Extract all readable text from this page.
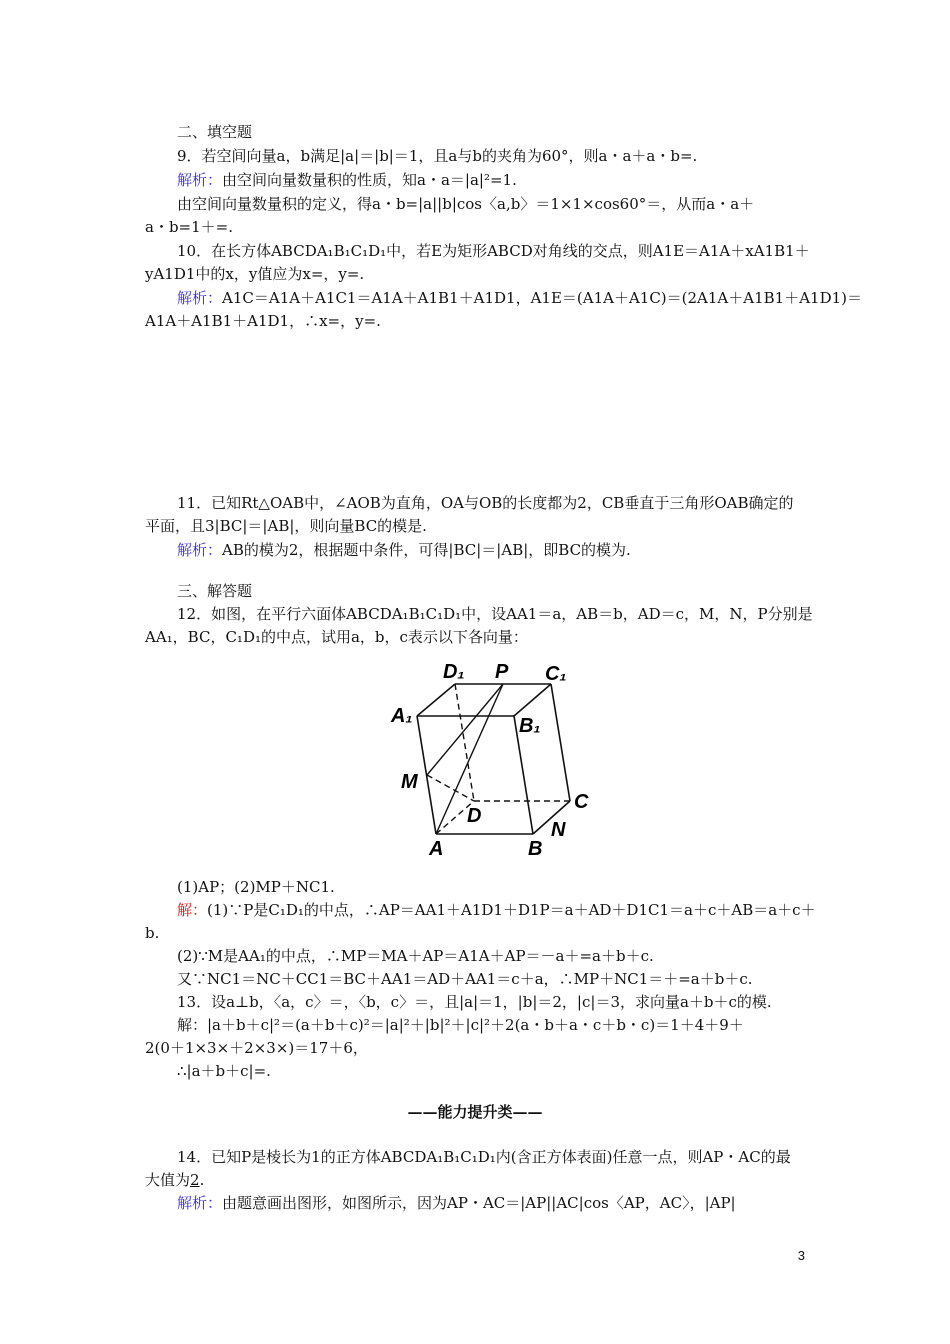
二、填空题
9．若空间向量a，b满足|a|＝|b|＝1，且a与b的夹角为60°，则a・a＋a・b=.
解析：由空间向量数量积的性质，知a・a＝|a|²=1.
由空间向量数量积的定义，得a・b=|a||b|cos〈a,b〉＝1×1×cos60°＝，从而a・a＋
a・b=1＋=.
10．在长方体ABCDA₁B₁C₁D₁中，若E为矩形ABCD对角线的交点，则A1E＝A1A＋xA1B1＋
yA1D1中的x，y值应为x=，y=.
解析：A1C＝A1A＋A1C1＝A1A＋A1B1＋A1D1，A1E＝(A1A＋A1C)＝(2A1A＋A1B1＋A1D1)＝
A1A＋A1B1＋A1D1，∴x=，y=.
11．已知Rt△OAB中，∠AOB为直角，OA与OB的长度都为2，CB垂直于三角形OAB确定的
平面，且3|BC|＝|AB|，则向量BC的模是.
解析：AB的模为2，根据题中条件，可得|BC|＝|AB|，即BC的模为.
三、解答题
12．如图，在平行六面体ABCDA₁B₁C₁D₁中，设AA1＝a，AB＝b，AD＝c，M，N，P分别是
AA₁，BC，C₁D₁的中点，试用a，b，c表示以下各向量：
D₁ P C₁
A₁	B₁
M
D
C
N
A	B
(1)AP；(2)MP＋NC1.
解：(1)∵P是C₁D₁的中点，∴AP＝AA1＋A1D1＋D1P＝a＋AD＋D1C1＝a＋c＋AB＝a＋c＋
b.
(2)∵M是AA₁的中点，∴MP＝MA＋AP＝A1A＋AP＝－a＋=a＋b＋c.
又∵NC1＝NC＋CC1＝BC＋AA1＝AD＋AA1＝c＋a，∴MP＋NC1＝＋=a＋b＋c.
13．设a⊥b，〈a，c〉＝，〈b，c〉＝，且|a|＝1，|b|＝2，|c|＝3，求向量a＋b＋c的模.
解：|a＋b＋c|²＝(a＋b＋c)²＝|a|²＋|b|²＋|c|²＋2(a・b＋a・c＋b・c)＝1＋4＋9＋
2(0＋1×3×＋2×3×)＝17＋6，
∴|a＋b＋c|=.
——能力提升类——
14．已知P是棱长为1的正方体ABCDA₁B₁C₁D₁内(含正方体表面)任意一点，则AP・AC的最
大值为2.
解析：由题意画出图形，如图所示，因为AP・AC＝|AP||AC|cos〈AP，AC〉，|AP|
3
